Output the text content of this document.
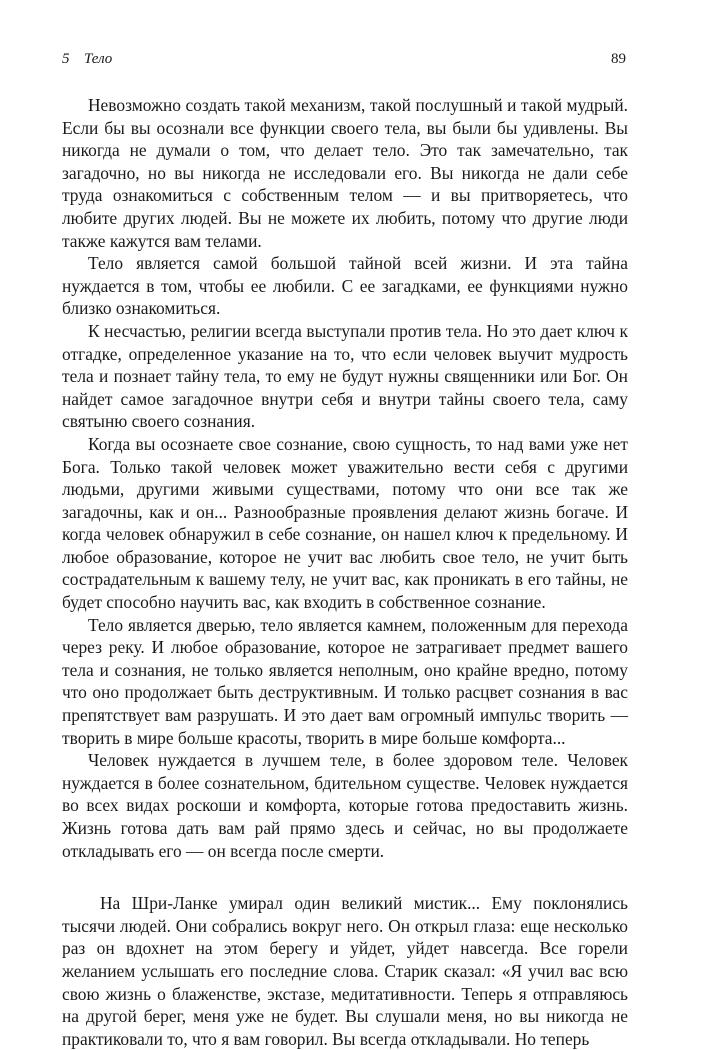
5 Тело	89

Невозможно создать такой механизм, такой послушный и такой мудрый. Если бы вы осознали все функции своего тела, вы были бы удивлены. Вы никогда не думали о том, что делает тело. Это так замечательно, так загадочно, но вы никогда не исследовали его. Вы никогда не дали себе труда ознакомиться с собственным телом — и вы притворяетесь, что любите других людей. Вы не можете их любить, потому что другие люди также кажутся вам телами.

Тело является самой большой тайной всей жизни. И эта тайна нуждается в том, чтобы ее любили. С ее загадками, ее функциями нужно близко ознакомиться.

К несчастью, религии всегда выступали против тела. Но это дает ключ к отгадке, определенное указание на то, что если человек выучит мудрость тела и познает тайну тела, то ему не будут нужны священники или Бог. Он найдет самое загадочное внутри себя и внутри тайны своего тела, саму святыню своего сознания.

Когда вы осознаете свое сознание, свою сущность, то над вами уже нет Бога. Только такой человек может уважительно вести себя с другими людьми, другими живыми существами, потому что они все так же загадочны, как и он... Разнообразные проявления делают жизнь богаче. И когда человек обнаружил в себе сознание, он нашел ключ к предельному. И любое образование, которое не учит вас любить свое тело, не учит быть сострадательным к вашему телу, не учит вас, как проникать в его тайны, не будет способно научить вас, как входить в собственное сознание.

Тело является дверью, тело является камнем, положенным для перехода через реку. И любое образование, которое не затрагивает предмет вашего тела и сознания, не только является неполным, оно крайне вредно, потому что оно продолжает быть деструктивным. И только расцвет сознания в вас препятствует вам разрушать. И это дает вам огромный импульс творить — творить в мире больше красоты, творить в мире больше комфорта...

Человек нуждается в лучшем теле, в более здоровом теле. Человек нуждается в более сознательном, бдительном существе. Человек нуждается во всех видах роскоши и комфорта, которые готова предоставить жизнь. Жизнь готова дать вам рай прямо здесь и сейчас, но вы продолжаете откладывать его — он всегда после смерти.

На Шри-Ланке умирал один великий мистик... Ему поклонялись тысячи людей. Они собрались вокруг него. Он открыл глаза: еще несколько раз он вдохнет на этом берегу и уйдет, уйдет навсегда. Все горели желанием услышать его последние слова. Старик сказал: «Я учил вас всю свою жизнь о блаженстве, экстазе, медитативности. Теперь я отправляюсь на другой берег, меня уже не будет. Вы слушали меня, но вы никогда не практиковали то, что я вам говорил. Вы всегда откладывали. Но теперь
